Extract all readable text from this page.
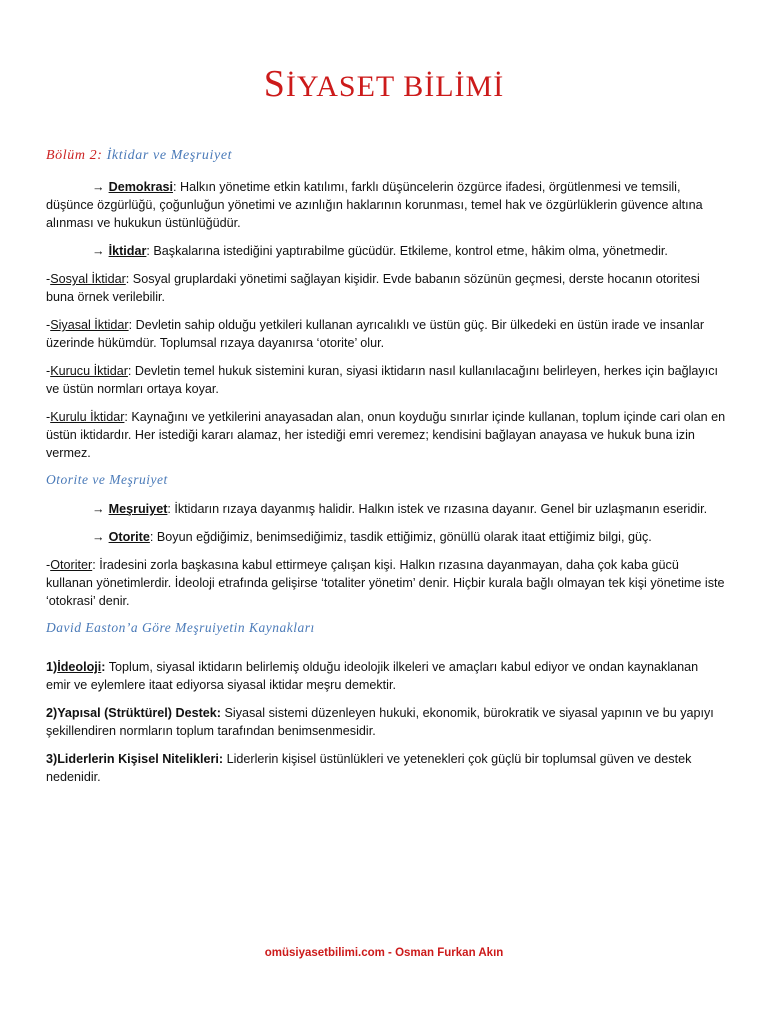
SİYASET BİLİMİ
Bölüm 2: İktidar ve Meşruiyet

→ Demokrasi: Halkın yönetime etkin katılımı, farklı düşüncelerin özgürce ifadesi, örgütlenmesi ve temsili, düşünce özgürlüğü, çoğunluğun yönetimi ve azınlığın haklarının korunması, temel hak ve özgürlüklerin güvence altına alınması ve hukukun üstünlüğüdür.

→ İktidar: Başkalarına istediğini yaptırabilme gücüdür. Etkileme, kontrol etme, hâkim olma, yönetmedir.

-Sosyal İktidar: Sosyal gruplardaki yönetimi sağlayan kişidir. Evde babanın sözünün geçmesi, derste hocanın otoritesi buna örnek verilebilir.

-Siyasal İktidar: Devletin sahip olduğu yetkileri kullanan ayrıcalıklı ve üstün güç. Bir ülkedeki en üstün irade ve insanlar üzerinde hükümdür. Toplumsal rızaya dayanırsa ‘otorite’ olur.

-Kurucu İktidar: Devletin temel hukuk sistemini kuran, siyasi iktidarın nasıl kullanılacağını belirleyen, herkes için bağlayıcı ve üstün normları ortaya koyar.

-Kurulu İktidar: Kaynağını ve yetkilerini anayasadan alan, onun koyduğu sınırlar içinde kullanan, toplum içinde cari olan en üstün iktidardır. Her istediği kararı alamaz, her istediği emri veremez; kendisini bağlayan anayasa ve hukuk buna izin vermez.

Otorite ve Meşruiyet

→ Meşruiyet: İktidarın rızaya dayanmış halidir. Halkın istek ve rızasına dayanır. Genel bir uzlaşmanın eseridir.

→ Otorite: Boyun eğdiğimiz, benimsediğimiz, tasdik ettiğimiz, gönüllü olarak itaat ettiğimiz bilgi, güç.

-Otoriter: İradesini zorla başkasına kabul ettirmeye çalışan kişi. Halkın rızasına dayanmayan, daha çok kaba gücü kullanan yönetimlerdir. İdeoloji etrafında gelişirse ‘totaliter yönetim’ denir. Hiçbir kurala bağlı olmayan tek kişi yönetime iste ‘otokrasi’ denir.

David Easton’a Göre Meşruiyetin Kaynakları

1)İdeoloji: Toplum, siyasal iktidarın belirlemiş olduğu ideolojik ilkeleri ve amaçları kabul ediyor ve ondan kaynaklanan emir ve eylemlere itaat ediyorsa siyasal iktidar meşru demektir.

2)Yapısal (Strüktürel) Destek: Siyasal sistemi düzenleyen hukuki, ekonomik, bürokratik ve siyasal yapının ve bu yapıyı şekillendiren normların toplum tarafından benimsenmesidir.

3)Liderlerin Kişisel Nitelikleri: Liderlerin kişisel üstünlükleri ve yetenekleri çok güçlü bir toplumsal güven ve destek nedenidir.

omüsiyasetbilimi.com - Osman Furkan Akın
